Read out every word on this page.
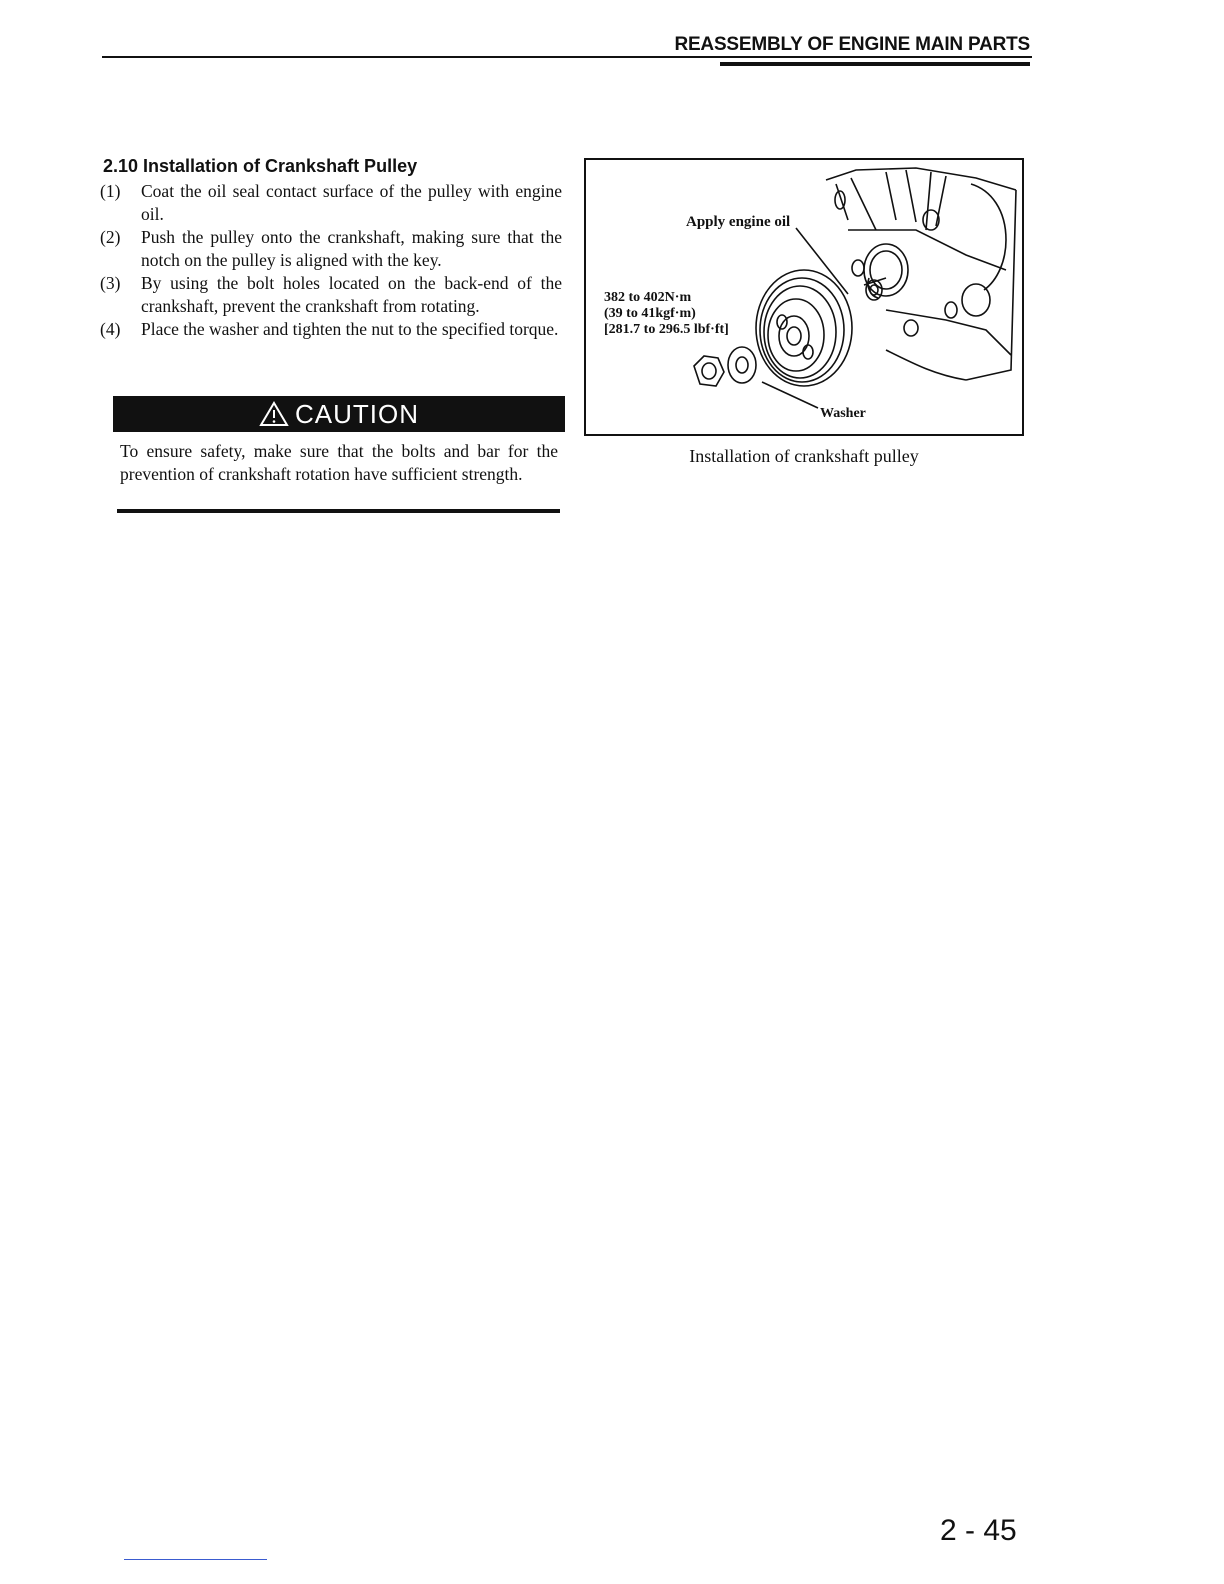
REASSEMBLY OF ENGINE MAIN PARTS
2.10 Installation of Crankshaft Pulley
(1)	Coat the oil seal contact surface of the pulley with engine oil.
(2)	Push the pulley onto the crankshaft, making sure that the notch on the pulley is aligned with the key.
(3)	By using the bolt holes located on the back-end of the crankshaft, prevent the crankshaft from rotating.
(4)	Place the washer and tighten the nut to the specified torque.
CAUTION
To ensure safety, make sure that the bolts and bar for the prevention of crankshaft rotation have sufficient strength.
Apply engine oil
382 to 402N·m
(39 to 41kgf·m)
[281.7 to 296.5 lbf·ft]
Washer
Installation of crankshaft pulley
2 - 45
